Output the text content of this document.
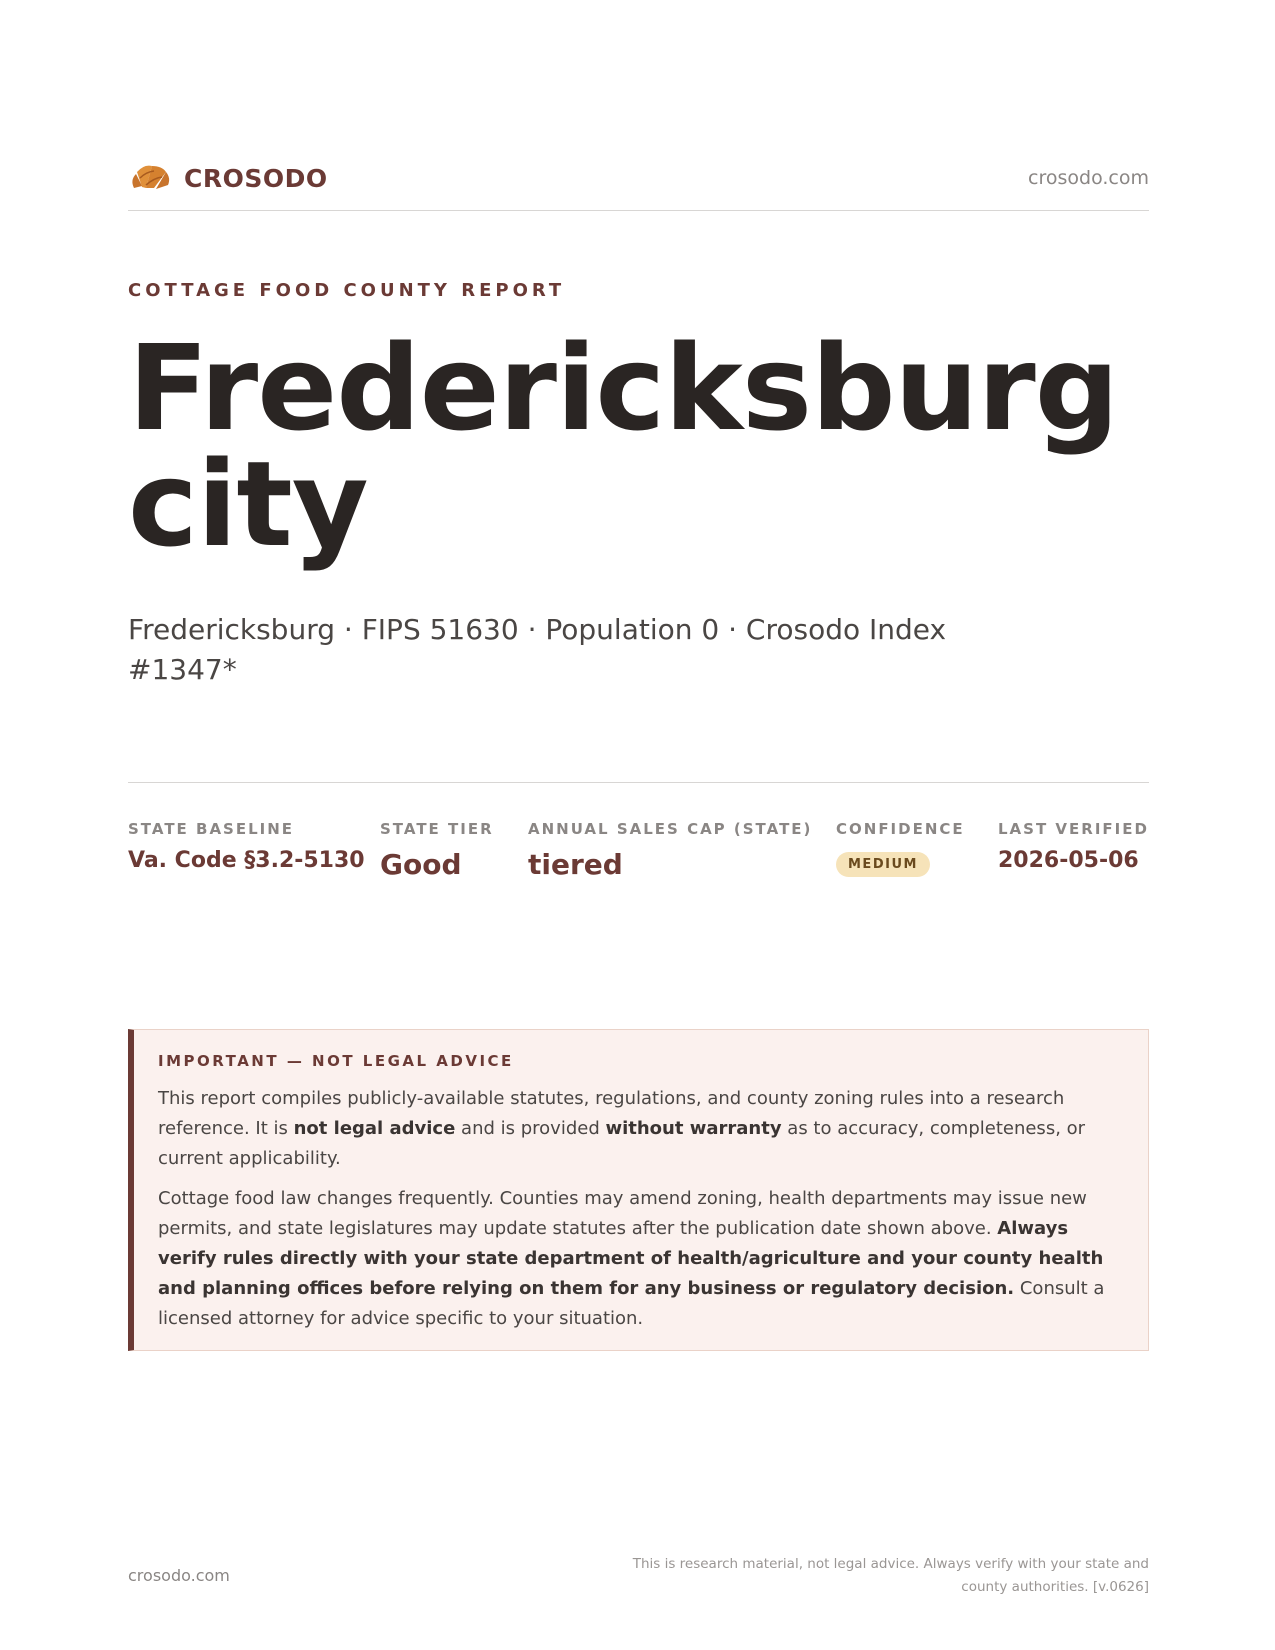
CROSODO	crosodo.com
COTTAGE FOOD COUNTY REPORT
Fredericksburg city
Fredericksburg · FIPS 51630 · Population 0 · Crosodo Index #1347*
STATE BASELINE
Va. Code §3.2-5130
STATE TIER
Good
ANNUAL SALES CAP (STATE)
tiered
CONFIDENCE
MEDIUM
LAST VERIFIED
2026-05-06
IMPORTANT — NOT LEGAL ADVICE

This report compiles publicly-available statutes, regulations, and county zoning rules into a research reference. It is not legal advice and is provided without warranty as to accuracy, completeness, or current applicability.

Cottage food law changes frequently. Counties may amend zoning, health departments may issue new permits, and state legislatures may update statutes after the publication date shown above. Always verify rules directly with your state department of health/agriculture and your county health and planning offices before relying on them for any business or regulatory decision. Consult a licensed attorney for advice specific to your situation.

crosodo.com
This is research material, not legal advice. Always verify with your state and county authorities. [v.0626]
